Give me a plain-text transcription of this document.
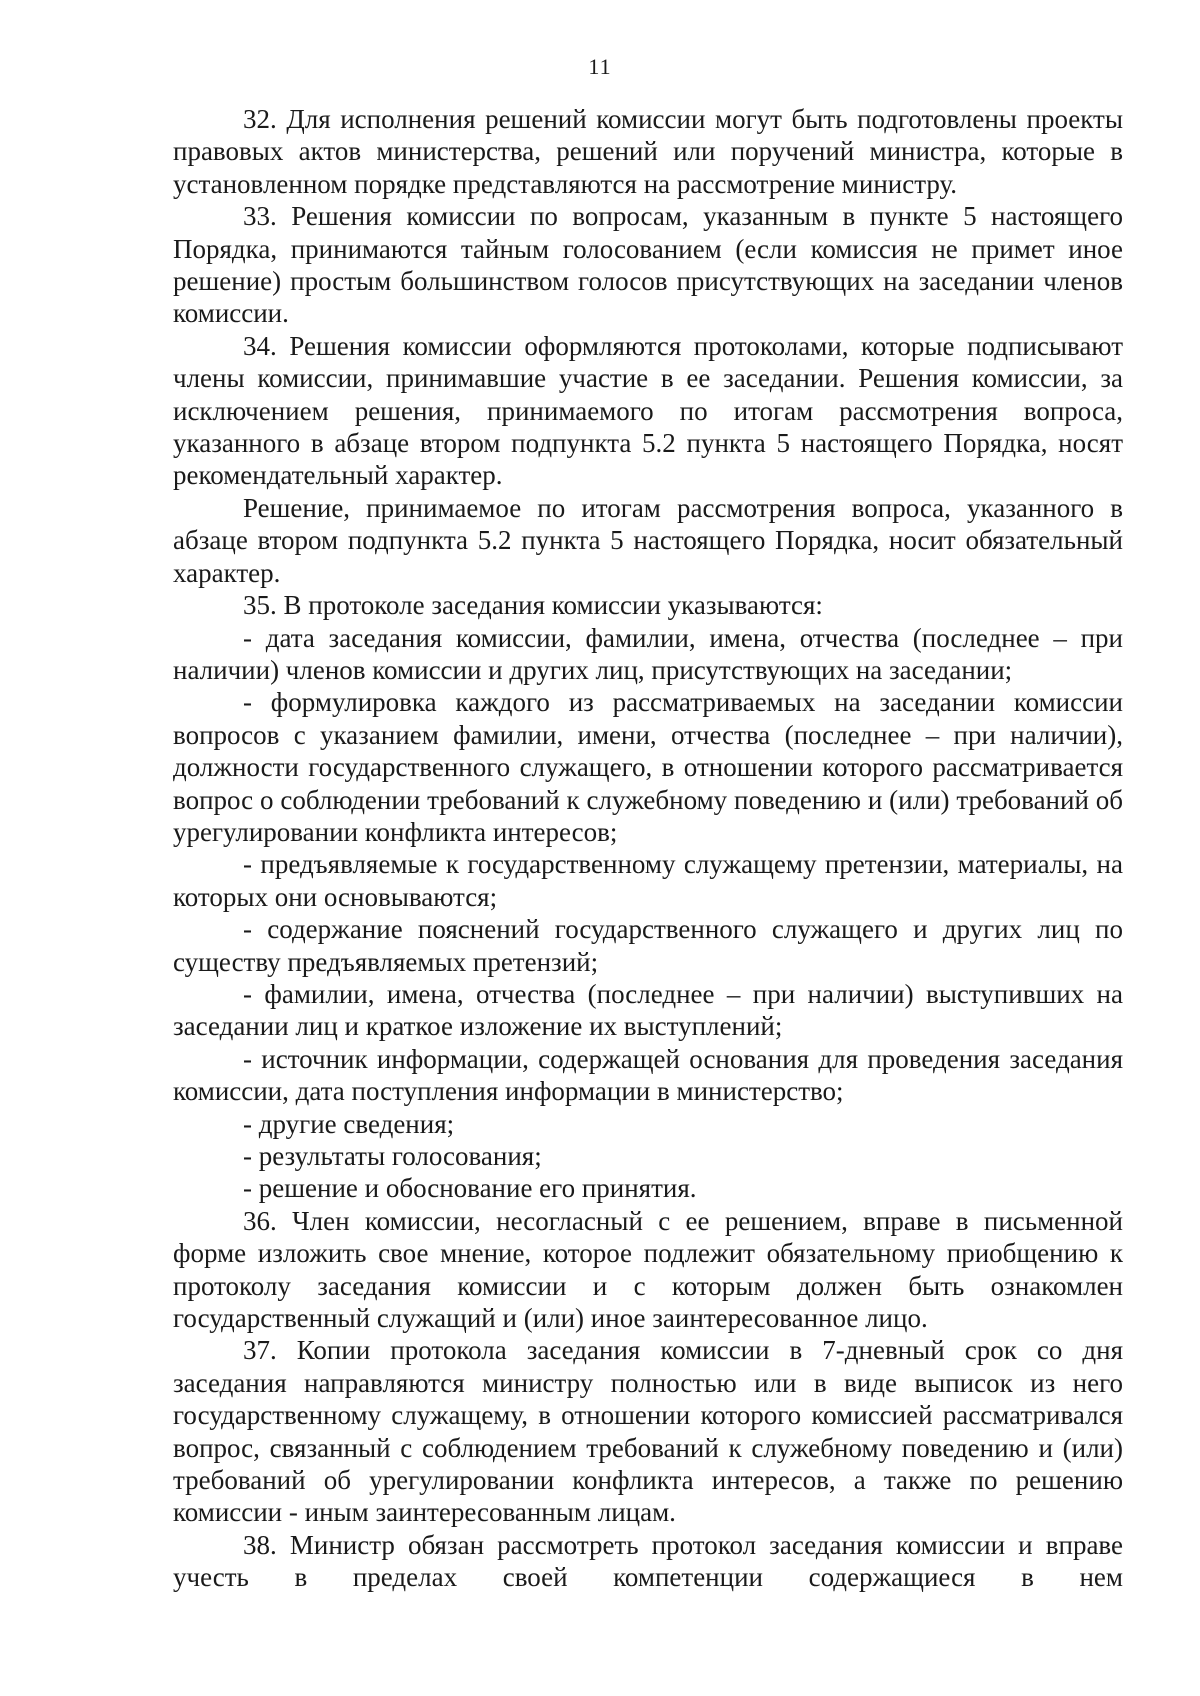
11

32. Для исполнения решений комиссии могут быть подготовлены проекты правовых актов министерства, решений или поручений министра, которые в установленном порядке представляются на рассмотрение министру.

33. Решения комиссии по вопросам, указанным в пункте 5 настоящего Порядка, принимаются тайным голосованием (если комиссия не примет иное решение) простым большинством голосов присутствующих на заседании членов комиссии.

34. Решения комиссии оформляются протоколами, которые подписывают члены комиссии, принимавшие участие в ее заседании. Решения комиссии, за исключением решения, принимаемого по итогам рассмотрения вопроса, указанного в абзаце втором подпункта 5.2 пункта 5 настоящего Порядка, носят рекомендательный характер.

Решение, принимаемое по итогам рассмотрения вопроса, указанного в абзаце втором подпункта 5.2 пункта 5 настоящего Порядка, носит обязательный характер.

35. В протоколе заседания комиссии указываются:

- дата заседания комиссии, фамилии, имена, отчества (последнее – при наличии) членов комиссии и других лиц, присутствующих на заседании;

- формулировка каждого из рассматриваемых на заседании комиссии вопросов с указанием фамилии, имени, отчества (последнее – при наличии), должности государственного служащего, в отношении которого рассматривается вопрос о соблюдении требований к служебному поведению и (или) требований об урегулировании конфликта интересов;

- предъявляемые к государственному служащему претензии, материалы, на которых они основываются;

- содержание пояснений государственного служащего и других лиц по существу предъявляемых претензий;

- фамилии, имена, отчества (последнее – при наличии) выступивших на заседании лиц и краткое изложение их выступлений;

- источник информации, содержащей основания для проведения заседания комиссии, дата поступления информации в министерство;

- другие сведения;

- результаты голосования;

- решение и обоснование его принятия.

36. Член комиссии, несогласный с ее решением, вправе в письменной форме изложить свое мнение, которое подлежит обязательному приобщению к протоколу заседания комиссии и с которым должен быть ознакомлен государственный служащий и (или) иное заинтересованное лицо.

37. Копии протокола заседания комиссии в 7-дневный срок со дня заседания направляются министру полностью или в виде выписок из него государственному служащему, в отношении которого комиссией рассматривался вопрос, связанный с соблюдением требований к служебному поведению и (или) требований об урегулировании конфликта интересов, а также по решению комиссии - иным заинтересованным лицам.

38. Министр обязан рассмотреть протокол заседания комиссии и вправе учесть в пределах своей компетенции содержащиеся в нем
